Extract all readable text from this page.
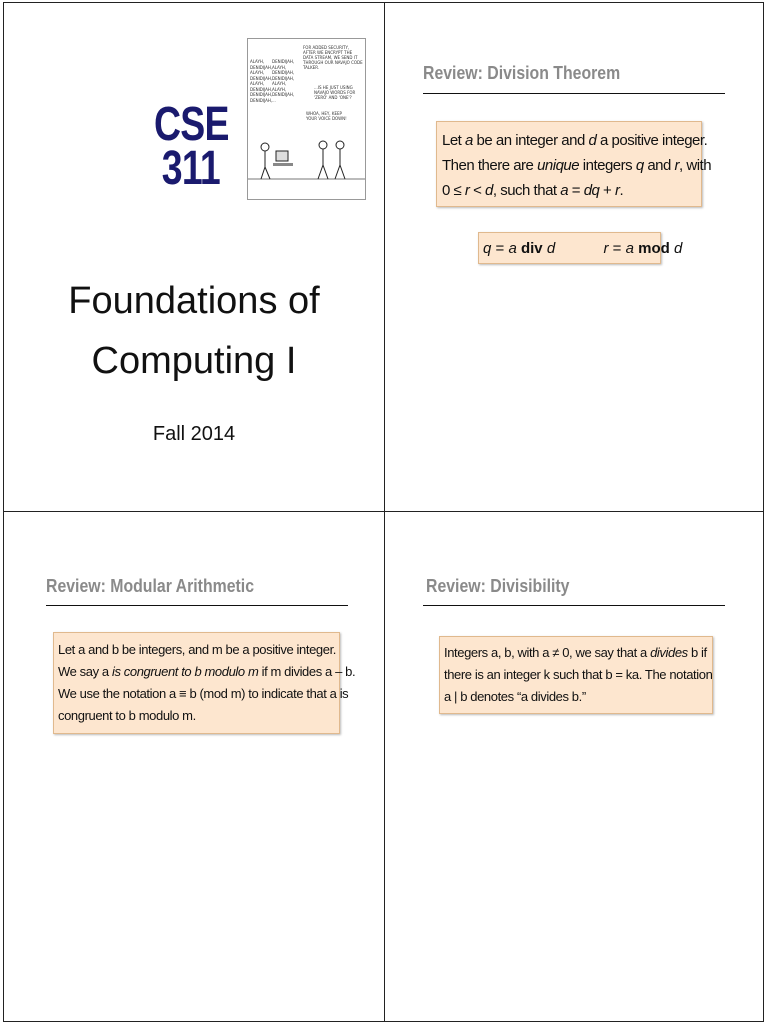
CSE
311
ALAYH,
DENIDIJAH,
ALAYH,
DENIDIJAH,
ALAYH,
DENIDIJAH,
DENIDIJAH,
DENIDIJAH,
DENIDIJAH,
ALAYH,
DENIDIJAH,
DENIDIJAH,
ALAYH,
ALAYH,
DENIDIJAH,
...
FOR ADDED SECURITY, AFTER WE ENCRYPT THE DATA STREAM, WE SEND IT THROUGH OUR NAVAJO CODE TALKER.
...IS HE JUST USING NAVAJO WORDS FOR 'ZERO' AND 'ONE'?
WHOA, HEY, KEEP YOUR VOICE DOWN!
Foundations of
Computing I
Fall 2014
Review: Division Theorem

Let a be an integer and d a positive integer.

Then there are unique integers q and r, with

0 ≤ r < d, such that a = dq + r.

q = a div d	r = a mod d
Review: Modular Arithmetic

Let a and b be integers, and m be a positive integer.

We say a is congruent to b modulo m if m divides a – b.

We use the notation a ≡ b (mod m) to indicate that a is

congruent to b modulo m.

Review: Divisibility

Integers a, b, with a ≠ 0, we say that a divides b if

there is an integer k such that b = ka. The notation

a | b denotes “a divides b.”
